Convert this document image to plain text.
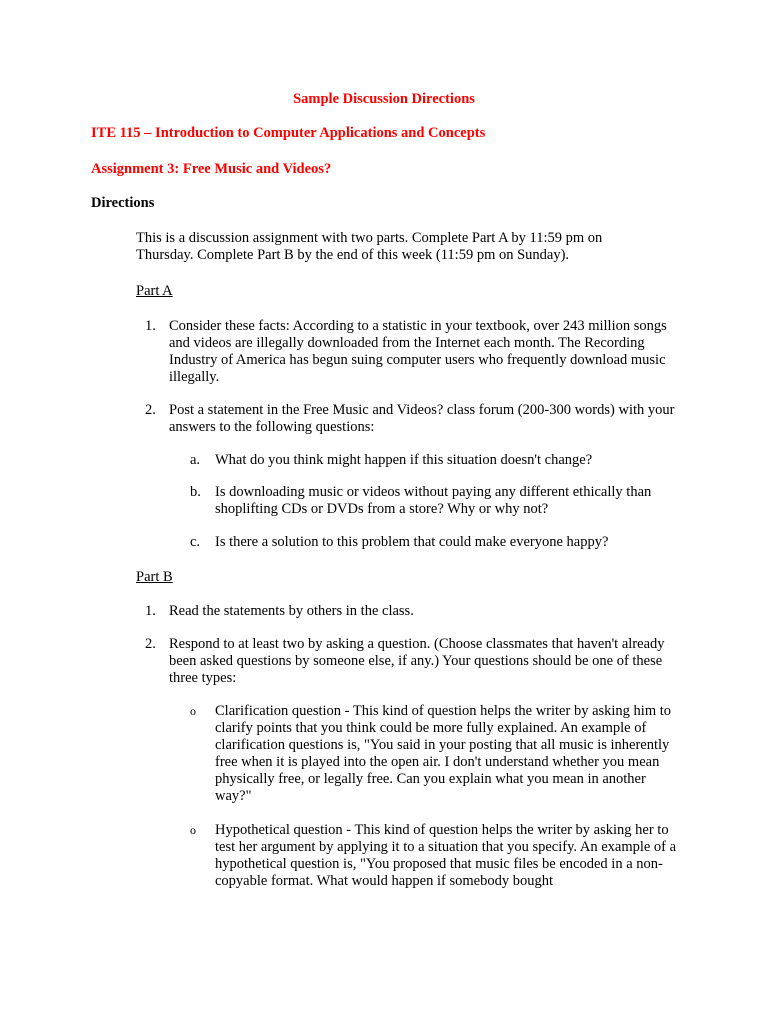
Sample Discussion Directions
ITE 115 – Introduction to Computer Applications and Concepts
Assignment 3: Free Music and Videos?
Directions
This is a discussion assignment with two parts. Complete Part A by 11:59 pm on Thursday. Complete Part B by the end of this week (11:59 pm on Sunday).
Part A
1. Consider these facts: According to a statistic in your textbook, over 243 million songs and videos are illegally downloaded from the Internet each month. The Recording Industry of America has begun suing computer users who frequently download music illegally.
2. Post a statement in the Free Music and Videos? class forum (200-300 words) with your answers to the following questions:
a. What do you think might happen if this situation doesn't change?
b. Is downloading music or videos without paying any different ethically than shoplifting CDs or DVDs from a store? Why or why not?
c. Is there a solution to this problem that could make everyone happy?
Part B
1. Read the statements by others in the class.
2. Respond to at least two by asking a question. (Choose classmates that haven't already been asked questions by someone else, if any.) Your questions should be one of these three types:
o Clarification question - This kind of question helps the writer by asking him to clarify points that you think could be more fully explained. An example of clarification questions is, "You said in your posting that all music is inherently free when it is played into the open air. I don't understand whether you mean physically free, or legally free. Can you explain what you mean in another way?"
o Hypothetical question - This kind of question helps the writer by asking her to test her argument by applying it to a situation that you specify. An example of a hypothetical question is, "You proposed that music files be encoded in a non-copyable format. What would happen if somebody bought
